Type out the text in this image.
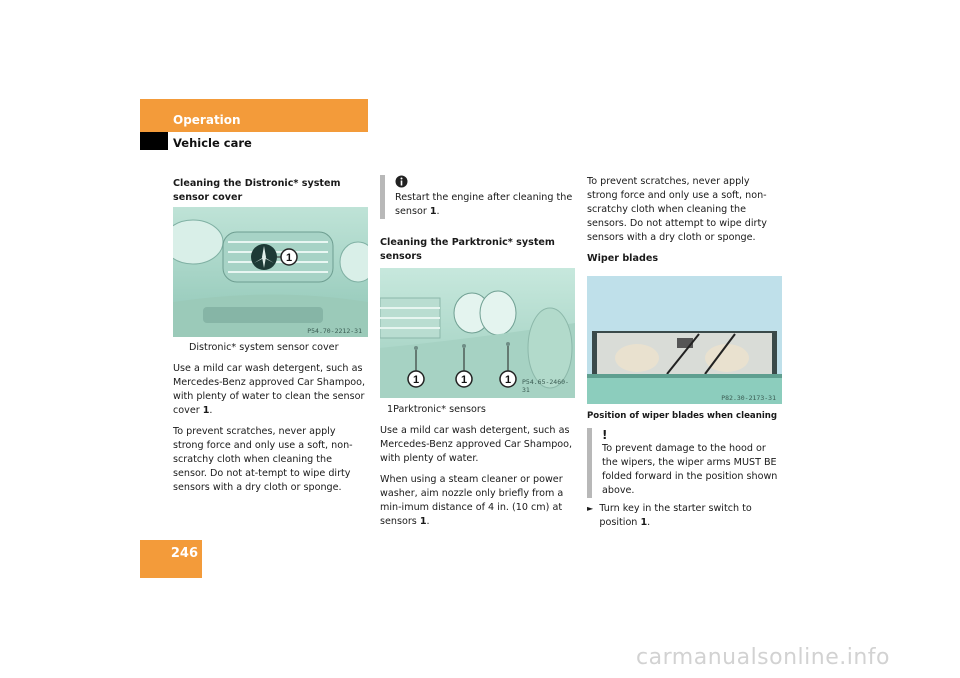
Operation
Vehicle care

Cleaning the Distronic* system sensor cover

1
P54.70-2212-31

Distronic* system sensor cover

Use a mild car wash detergent, such as Mercedes-Benz approved Car Shampoo, with plenty of water to clean the sensor cover 1.

To prevent scratches, never apply strong force and only use a soft, non-scratchy cloth when cleaning the sensor. Do not at-tempt to wipe dirty sensors with a dry cloth or sponge.

Restart the engine after cleaning the sensor 1.

Cleaning the Parktronic* system sensors

1	1	1 P54.65-2460-31

1Parktronic* sensors

Use a mild car wash detergent, such as Mercedes-Benz approved Car Shampoo, with plenty of water.

When using a steam cleaner or power washer, aim nozzle only briefly from a min-imum distance of 4 in. (10 cm) at sensors 1.

To prevent scratches, never apply strong force and only use a soft, non-scratchy cloth when cleaning the sensors. Do not attempt to wipe dirty sensors with a dry cloth or sponge.

Wiper blades

P82.30-2173-31

Position of wiper blades when cleaning

!
To prevent damage to the hood or the wipers, the wiper arms MUST BE folded forward in the position shown above.
► Turn key in the starter switch to position 1.
246
carmanualsonline.info
